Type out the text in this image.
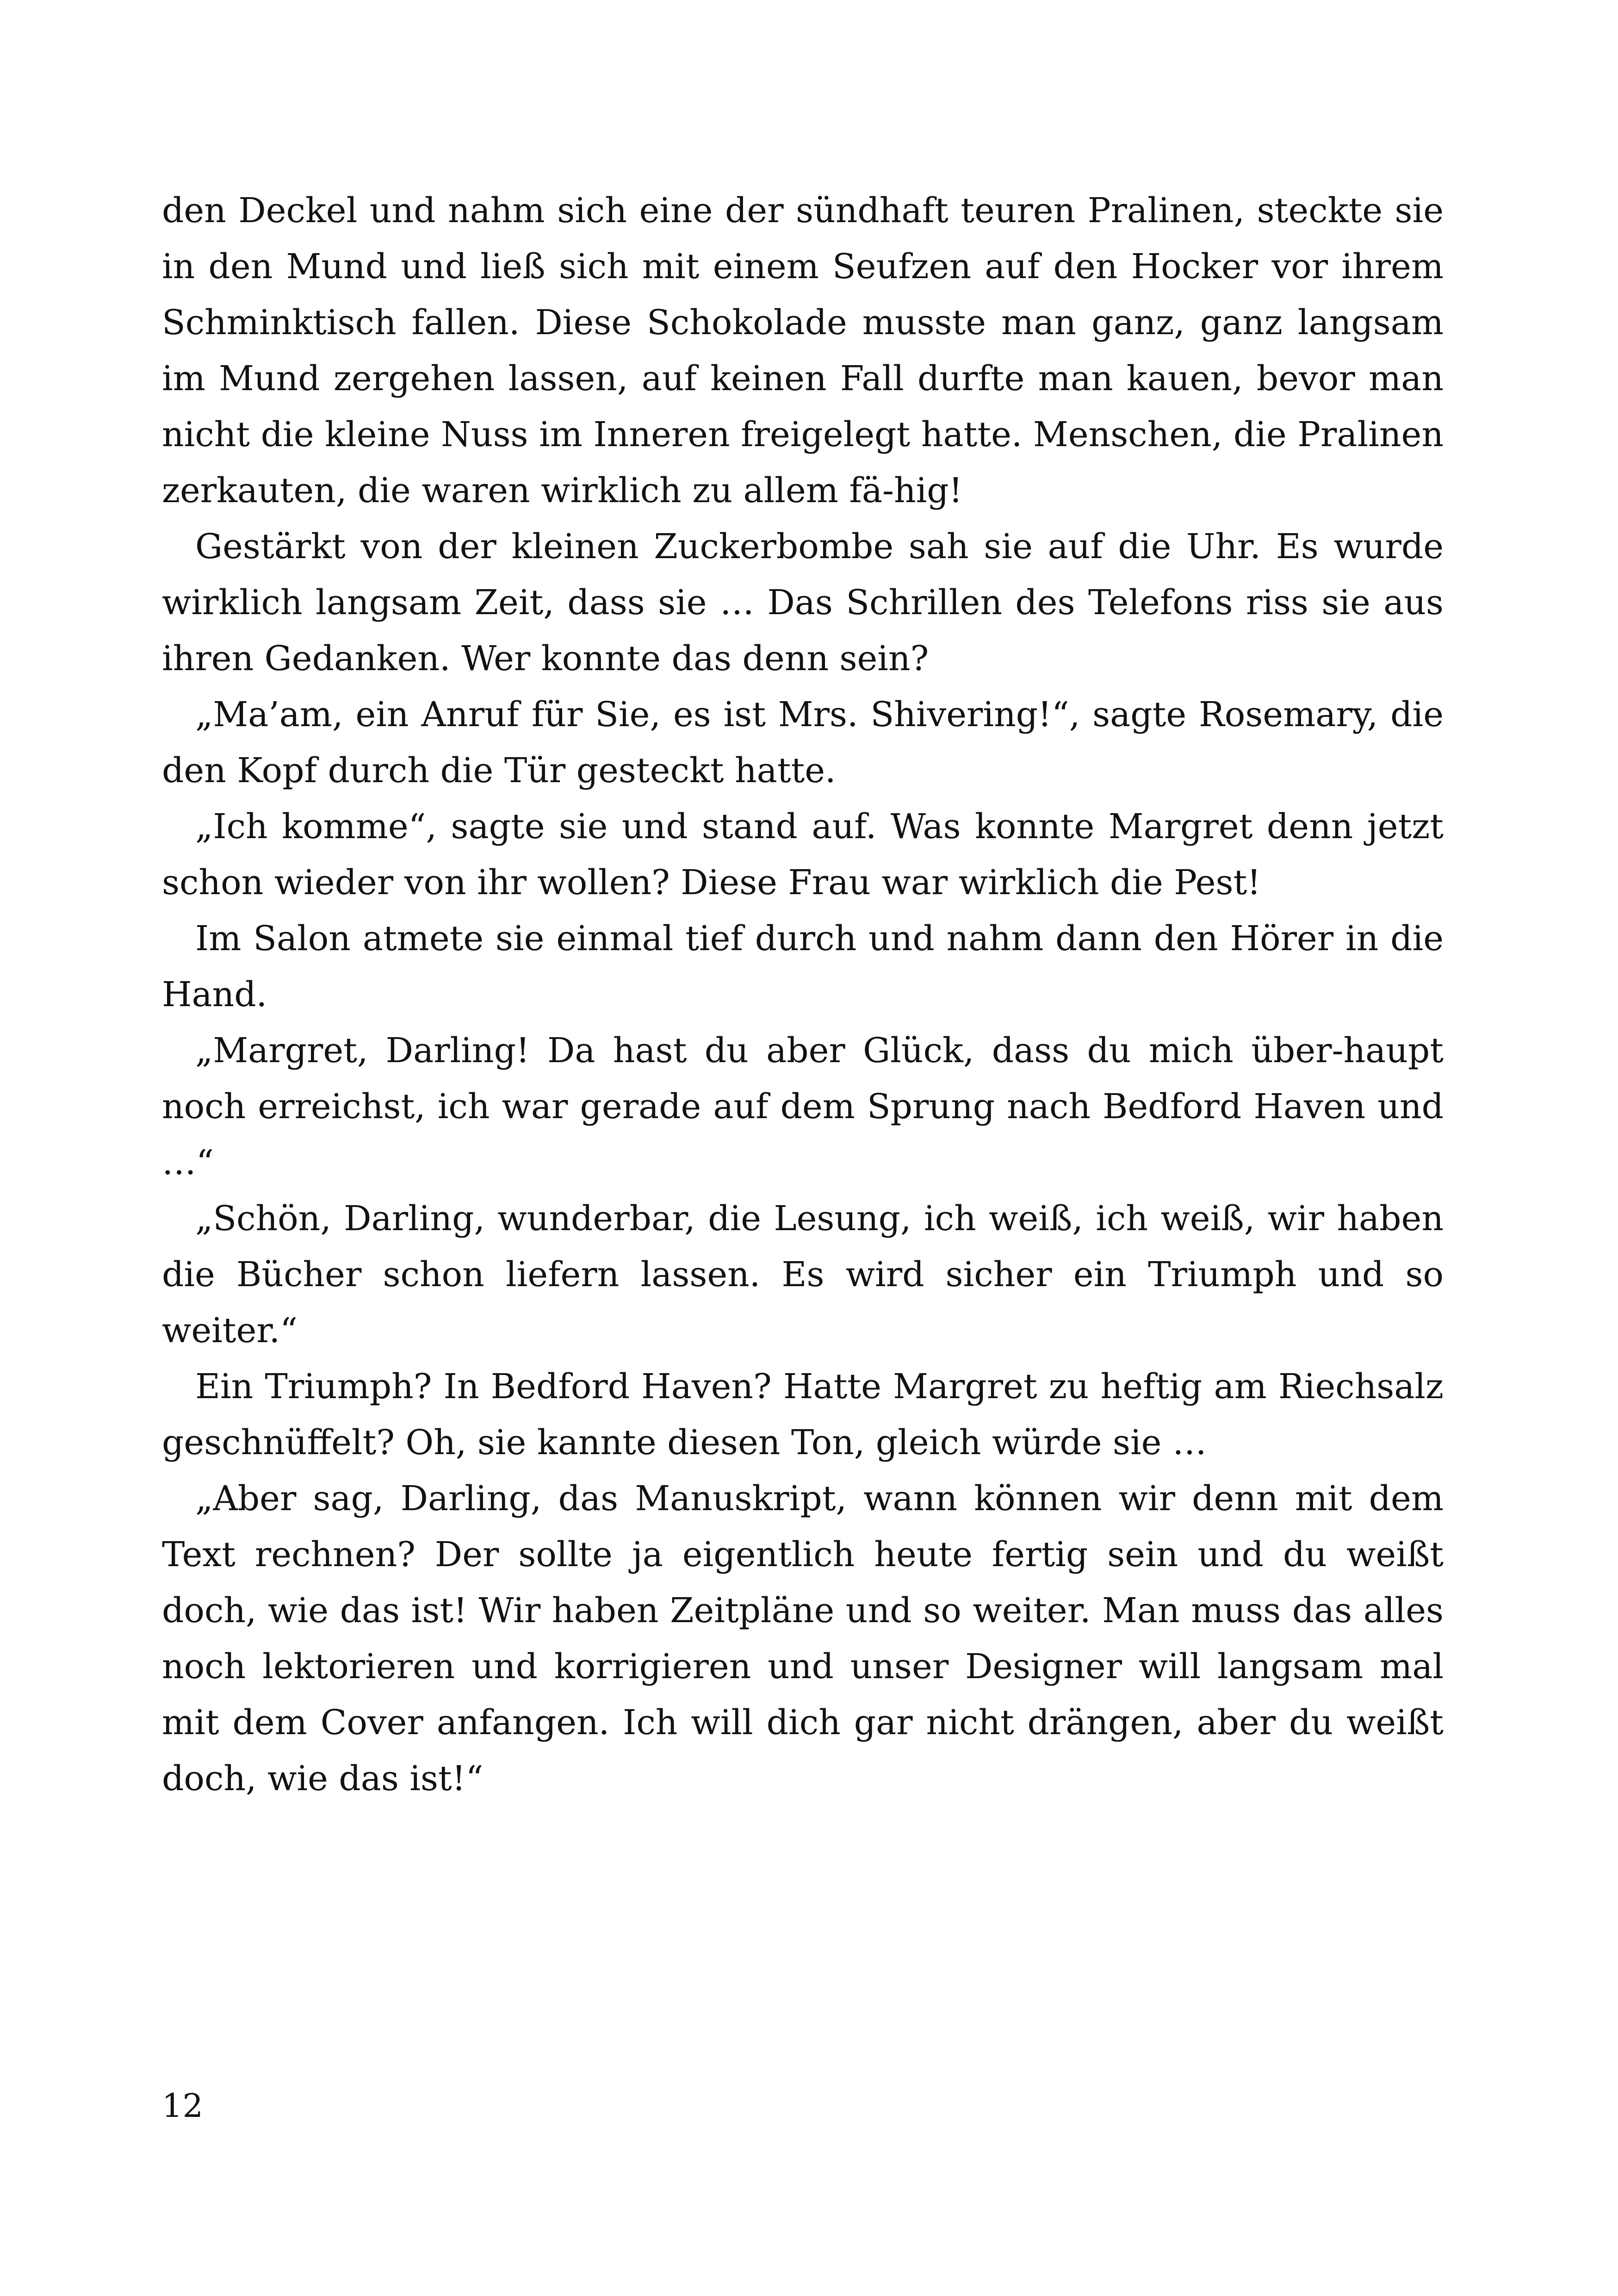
den Deckel und nahm sich eine der sündhaft teuren Pralinen, steckte sie in den Mund und ließ sich mit einem Seufzen auf den Hocker vor ihrem Schminktisch fallen. Diese Schokolade musste man ganz, ganz langsam im Mund zergehen lassen, auf keinen Fall durfte man kauen, bevor man nicht die kleine Nuss im Inneren freigelegt hatte. Menschen, die Pralinen zerkauten, die waren wirklich zu allem fä-hig!

Gestärkt von der kleinen Zuckerbombe sah sie auf die Uhr. Es wurde wirklich langsam Zeit, dass sie … Das Schrillen des Telefons riss sie aus ihren Gedanken. Wer konnte das denn sein?

„Ma’am, ein Anruf für Sie, es ist Mrs. Shivering!“, sagte Rosemary, die den Kopf durch die Tür gesteckt hatte.

„Ich komme“, sagte sie und stand auf. Was konnte Margret denn jetzt schon wieder von ihr wollen? Diese Frau war wirklich die Pest!

Im Salon atmete sie einmal tief durch und nahm dann den Hörer in die Hand.

„Margret, Darling! Da hast du aber Glück, dass du mich über-haupt noch erreichst, ich war gerade auf dem Sprung nach Bedford Haven und …“

„Schön, Darling, wunderbar, die Lesung, ich weiß, ich weiß, wir haben die Bücher schon liefern lassen. Es wird sicher ein Triumph und so weiter.“

Ein Triumph? In Bedford Haven? Hatte Margret zu heftig am Riechsalz geschnüffelt? Oh, sie kannte diesen Ton, gleich würde sie …

„Aber sag, Darling, das Manuskript, wann können wir denn mit dem Text rechnen? Der sollte ja eigentlich heute fertig sein und du weißt doch, wie das ist! Wir haben Zeitpläne und so weiter. Man muss das alles noch lektorieren und korrigieren und unser Designer will langsam mal mit dem Cover anfangen. Ich will dich gar nicht drängen, aber du weißt doch, wie das ist!“

12
